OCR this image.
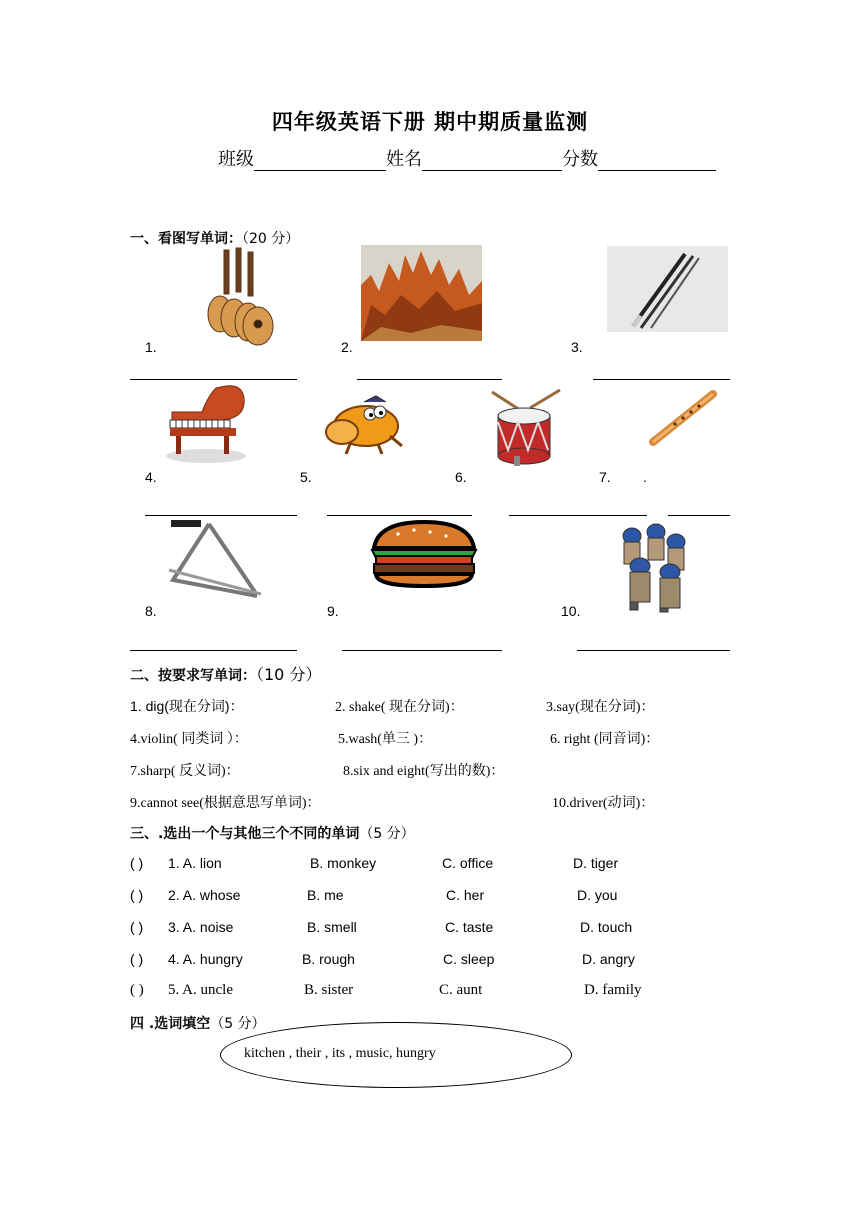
四年级英语下册 期中期质量监测
班级	姓名	分数
一、看图写单词：（20 分）
1.	2.	3.
4.	5.	6.	7. .
8.	9.	10.
二、按要求写单词：（10 分）
1. dig(现在分词)：	2. shake( 现在分词)：	3.say(现在分词)：
4.violin( 同类词 ）：	5.wash(单三 )：	6. right (同音词)：
7.sharp( 反义词)：	8.six and eight(写出的数)：
9.cannot see(根据意思写单词)：	10.driver(动词)：
三、.选出一个与其他三个不同的单词（5 分）
( ) 1. A. lion	B. monkey	C. office	D. tiger
( ) 2. A. whose	B. me	C. her	D. you
( ) 3. A. noise	B. smell	C. taste	D. touch
( ) 4. A. hungry	B. rough	C. sleep	D. angry
( ) 5. A. uncle	B. sister	C. aunt	D. family
四 .选词填空（5 分）
kitchen , their , its , music, hungry
